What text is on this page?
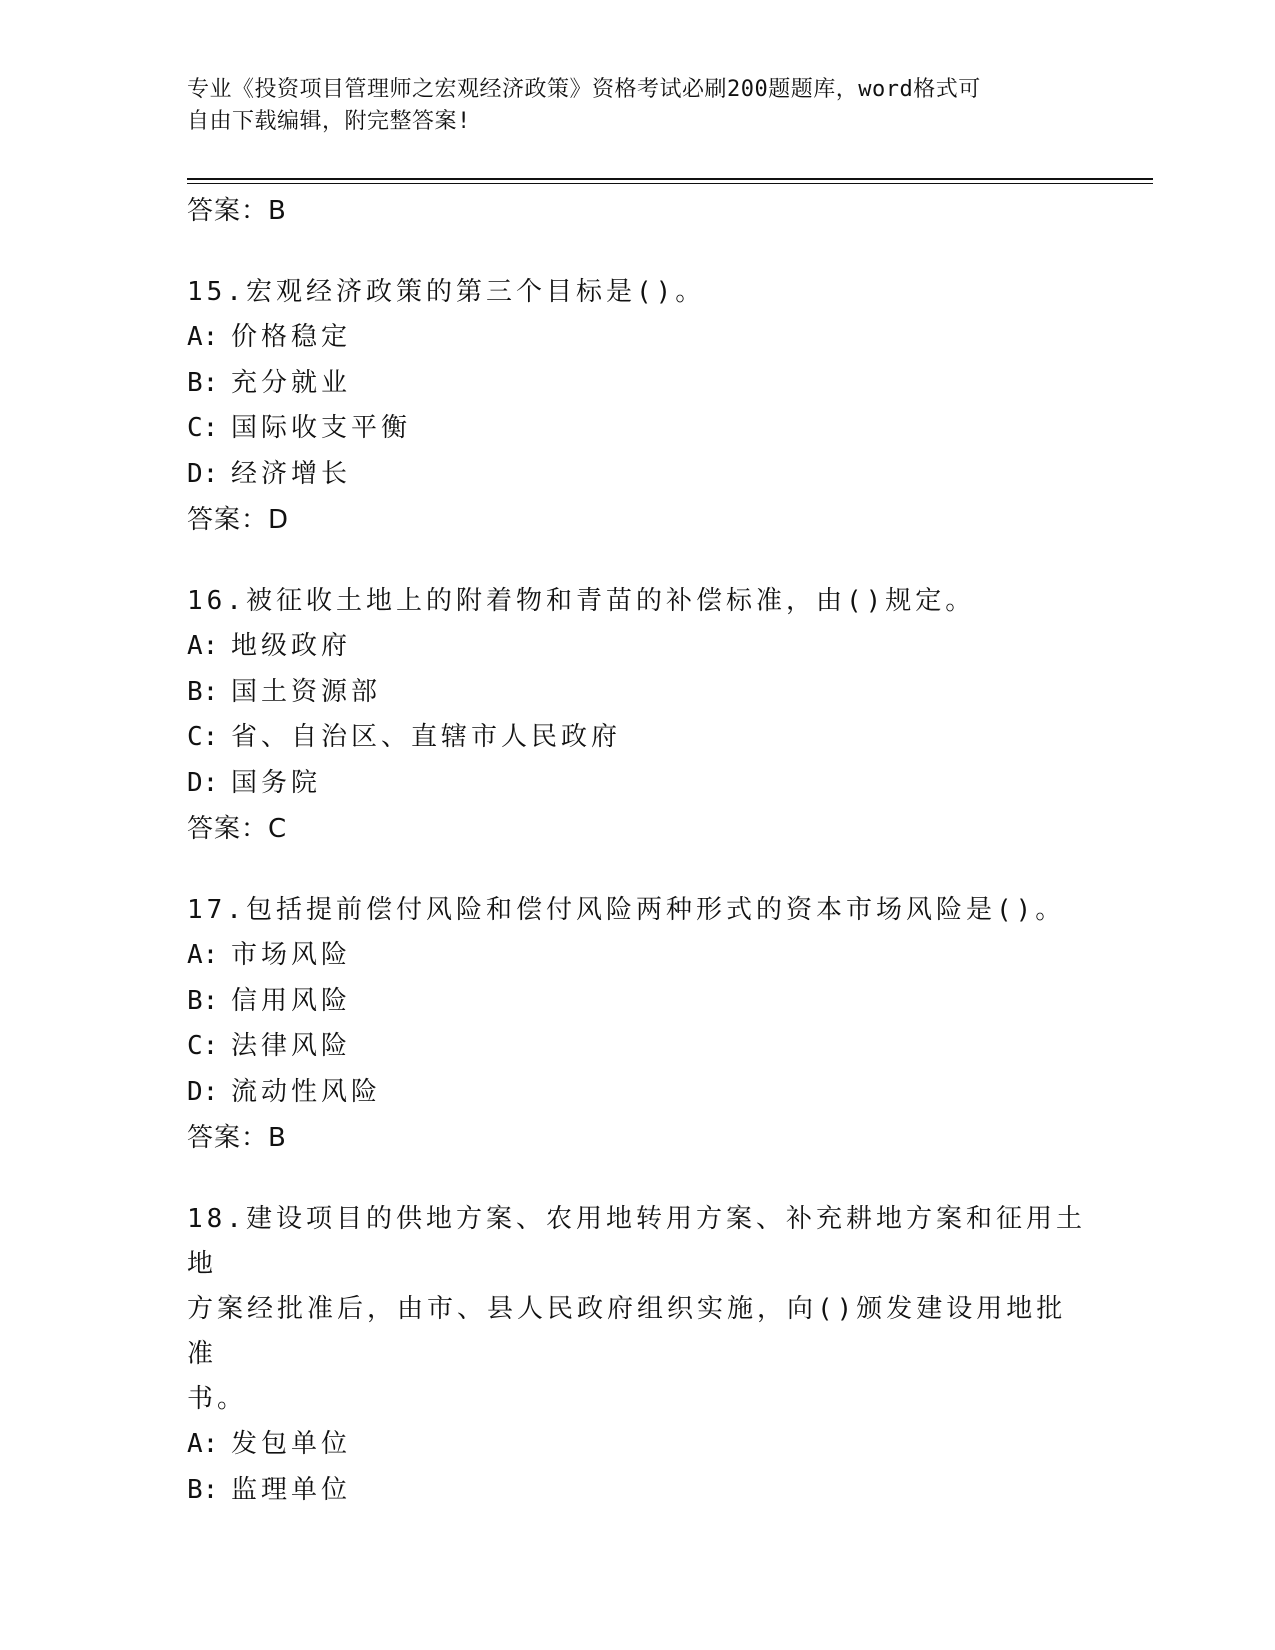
专业《投资项目管理师之宏观经济政策》资格考试必刷200题题库，word格式可
自由下载编辑，附完整答案!
答案：B
15.宏观经济政策的第三个目标是()。
A: 价格稳定
B: 充分就业
C: 国际收支平衡
D: 经济增长
答案：D
16.被征收土地上的附着物和青苗的补偿标准，由()规定。
A: 地级政府
B: 国土资源部
C: 省、自治区、直辖市人民政府
D: 国务院
答案：C
17.包括提前偿付风险和偿付风险两种形式的资本市场风险是()。
A: 市场风险
B: 信用风险
C: 法律风险
D: 流动性风险
答案：B
18.建设项目的供地方案、农用地转用方案、补充耕地方案和征用土地
方案经批准后，由市、县人民政府组织实施，向()颁发建设用地批准
书。
A: 发包单位
B: 监理单位
